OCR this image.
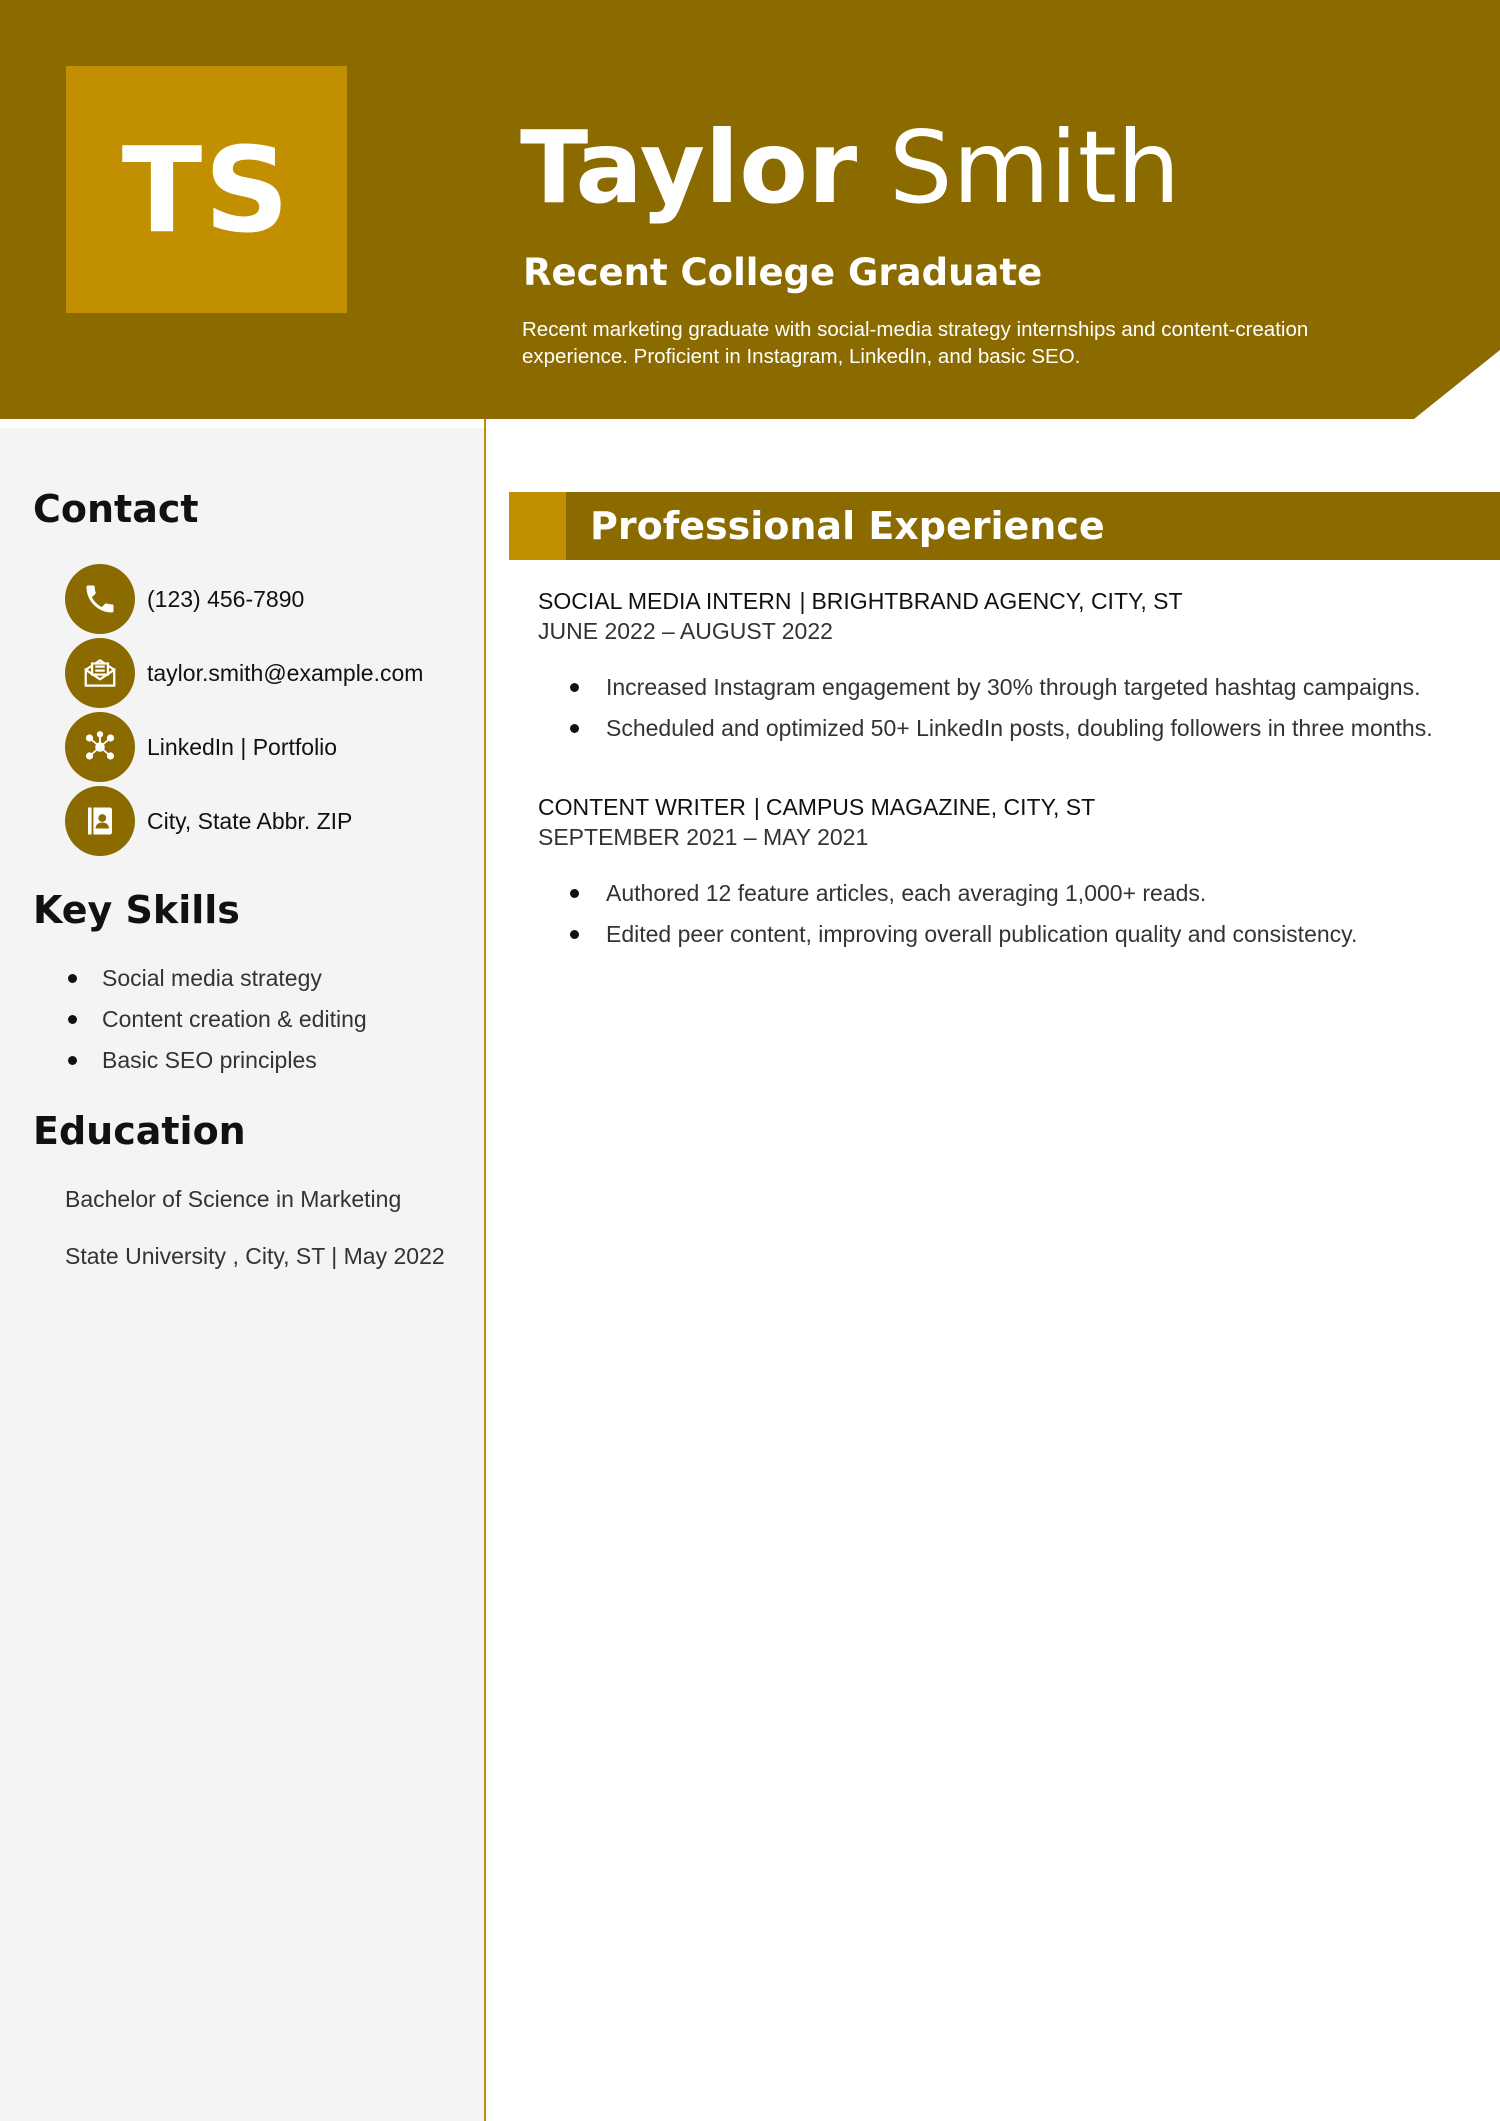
TS Taylor Smith
Recent College Graduate
Recent marketing graduate with social-media strategy internships and content-creation experience. Proficient in Instagram, LinkedIn, and basic SEO.
Contact
(123) 456-7890
taylor.smith@example.com
LinkedIn | Portfolio
City, State Abbr. ZIP
Key Skills
Social media strategy
Content creation & editing
Basic SEO principles
Education
Bachelor of Science in Marketing
State University , City, ST | May 2022
Professional Experience
SOCIAL MEDIA INTERN | BRIGHTBRAND AGENCY, CITY, ST
JUNE 2022 – AUGUST 2022
Increased Instagram engagement by 30% through targeted hashtag campaigns.
Scheduled and optimized 50+ LinkedIn posts, doubling followers in three months.
CONTENT WRITER | CAMPUS MAGAZINE, CITY, ST
SEPTEMBER 2021 – MAY 2021
Authored 12 feature articles, each averaging 1,000+ reads.
Edited peer content, improving overall publication quality and consistency.
